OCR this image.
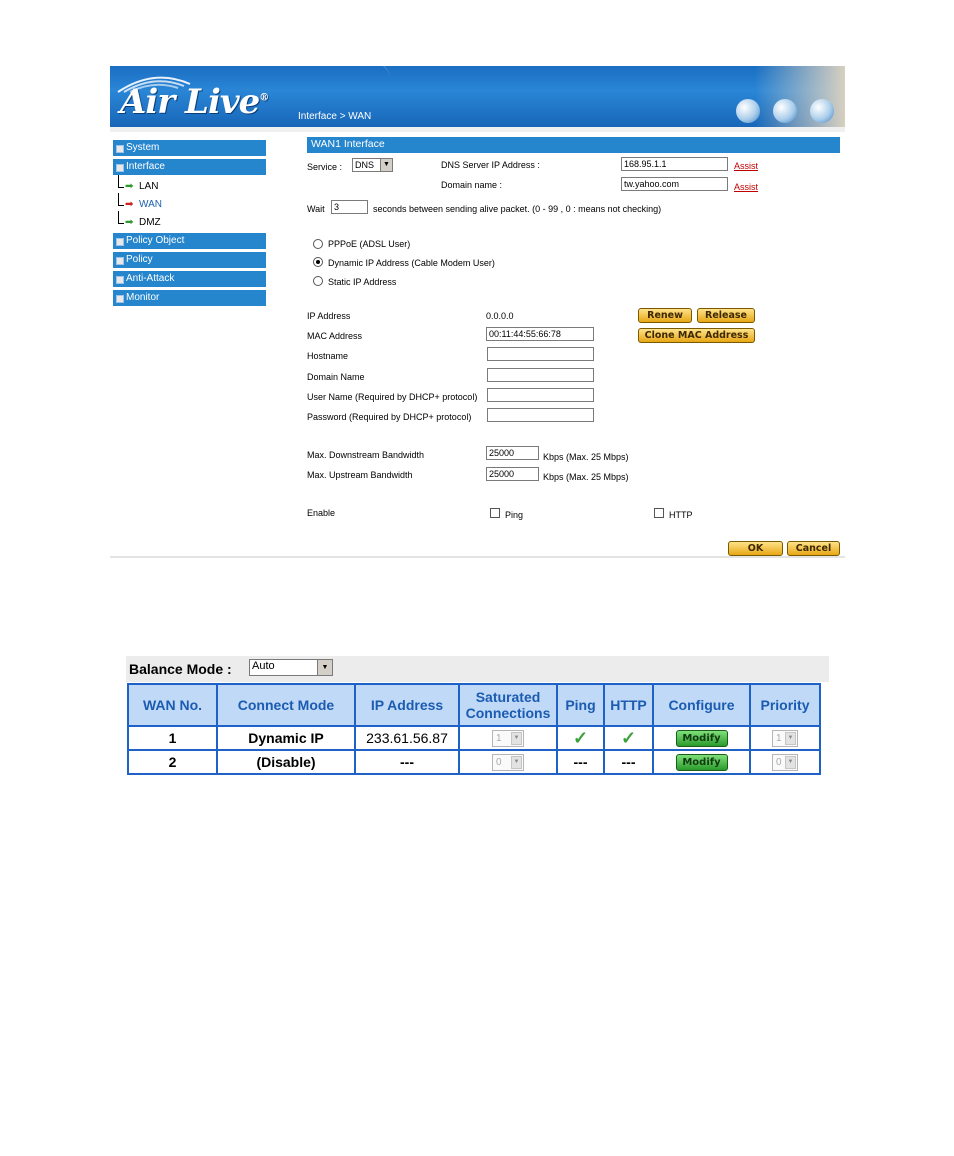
Air Live®
Interface > WAN
System
Interface
➡ LAN
➡ WAN
➡ DMZ
Policy Object
Policy
Anti-Attack
Monitor
WAN1 Interface
Service :	DNS	▼	DNS Server IP Address :	168.95.1.1	Assist
Domain name :	tw.yahoo.com	Assist
Wait	3	seconds between sending alive packet. (0 - 99 , 0 : means not checking)
PPPoE (ADSL User)
Dynamic IP Address (Cable Modem User)
Static IP Address
IP Address	0.0.0.0	Renew	Release
MAC Address	00:11:44:55:66:78	Clone MAC Address
Hostname
Domain Name
User Name (Required by DHCP+ protocol)
Password (Required by DHCP+ protocol)
Max. Downstream Bandwidth	25000	Kbps (Max. 25 Mbps)
Max. Upstream Bandwidth	25000	Kbps (Max. 25 Mbps)
Enable	Ping	HTTP
OK	Cancel
Balance Mode : Auto	▼
WAN No.	Connect Mode	IP Address	Saturated Connections	Ping	HTTP	Configure	Priority
1	Dynamic IP	233.61.56.87	1 ▼	✓	✓	Modify	1 ▼

2	(Disable)	---	0 ▼	---	---	Modify	0 ▼
